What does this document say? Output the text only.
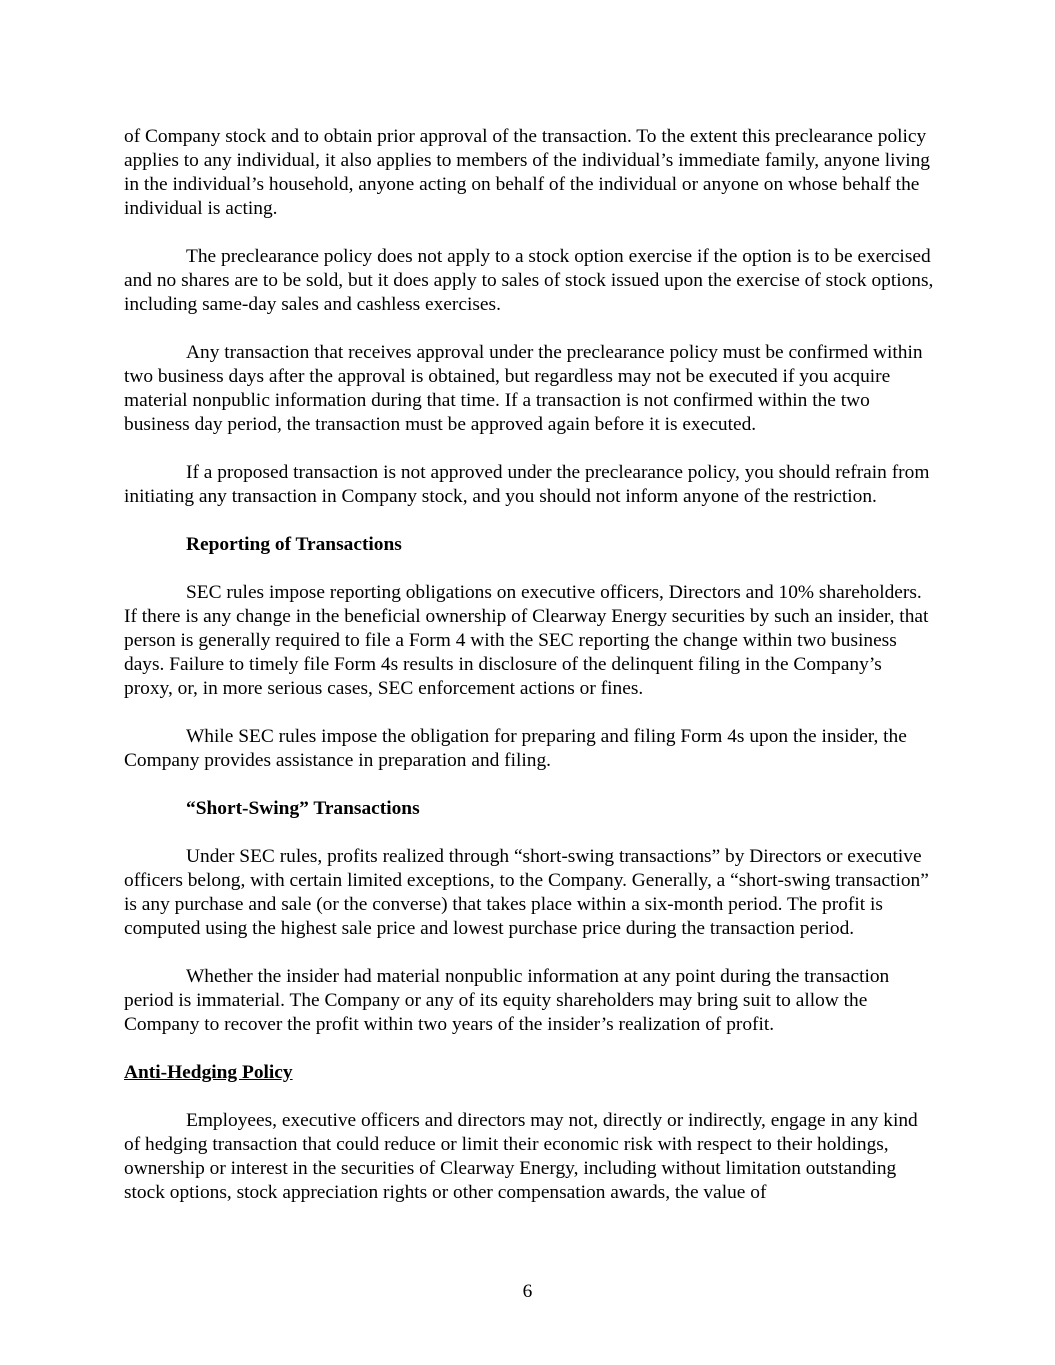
of Company stock and to obtain prior approval of the transaction. To the extent this preclearance policy applies to any individual, it also applies to members of the individual’s immediate family, anyone living in the individual’s household, anyone acting on behalf of the individual or anyone on whose behalf the individual is acting.

The preclearance policy does not apply to a stock option exercise if the option is to be exercised and no shares are to be sold, but it does apply to sales of stock issued upon the exercise of stock options, including same-day sales and cashless exercises.

Any transaction that receives approval under the preclearance policy must be confirmed within two business days after the approval is obtained, but regardless may not be executed if you acquire material nonpublic information during that time. If a transaction is not confirmed within the two business day period, the transaction must be approved again before it is executed.

If a proposed transaction is not approved under the preclearance policy, you should refrain from initiating any transaction in Company stock, and you should not inform anyone of the restriction.

Reporting of Transactions

SEC rules impose reporting obligations on executive officers, Directors and 10% shareholders. If there is any change in the beneficial ownership of Clearway Energy securities by such an insider, that person is generally required to file a Form 4 with the SEC reporting the change within two business days. Failure to timely file Form 4s results in disclosure of the delinquent filing in the Company’s proxy, or, in more serious cases, SEC enforcement actions or fines.

While SEC rules impose the obligation for preparing and filing Form 4s upon the insider, the Company provides assistance in preparation and filing.

“Short-Swing” Transactions

Under SEC rules, profits realized through “short-swing transactions” by Directors or executive officers belong, with certain limited exceptions, to the Company. Generally, a “short-swing transaction” is any purchase and sale (or the converse) that takes place within a six-month period. The profit is computed using the highest sale price and lowest purchase price during the transaction period.

Whether the insider had material nonpublic information at any point during the transaction period is immaterial. The Company or any of its equity shareholders may bring suit to allow the Company to recover the profit within two years of the insider’s realization of profit.

Anti-Hedging Policy

Employees, executive officers and directors may not, directly or indirectly, engage in any kind of hedging transaction that could reduce or limit their economic risk with respect to their holdings, ownership or interest in the securities of Clearway Energy, including without limitation outstanding stock options, stock appreciation rights or other compensation awards, the value of

6
